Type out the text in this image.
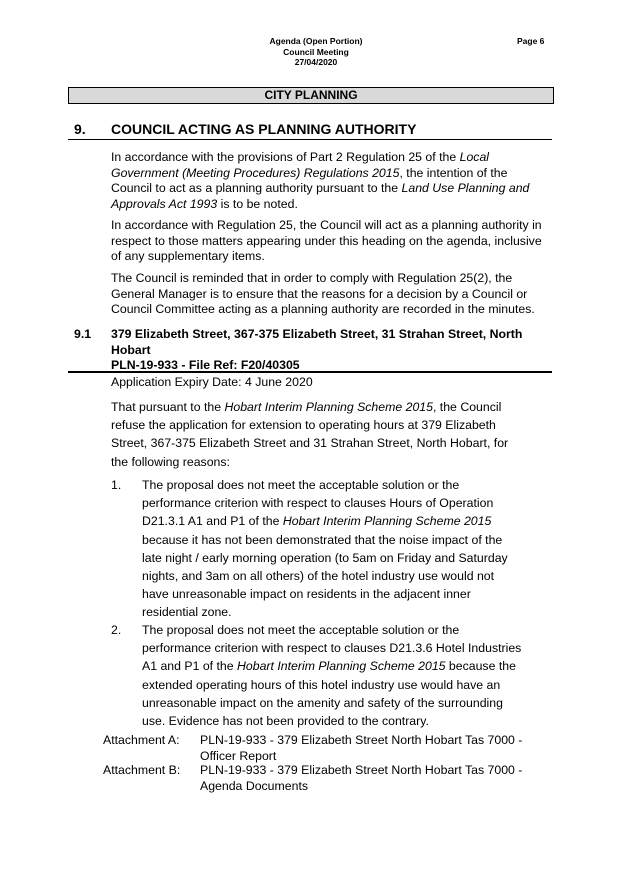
Agenda (Open Portion)
Council Meeting
27/04/2020
Page 6
CITY PLANNING
9. COUNCIL ACTING AS PLANNING AUTHORITY
In accordance with the provisions of Part 2 Regulation 25 of the Local Government (Meeting Procedures) Regulations 2015, the intention of the Council to act as a planning authority pursuant to the Land Use Planning and Approvals Act 1993 is to be noted.
In accordance with Regulation 25, the Council will act as a planning authority in respect to those matters appearing under this heading on the agenda, inclusive of any supplementary items.
The Council is reminded that in order to comply with Regulation 25(2), the General Manager is to ensure that the reasons for a decision by a Council or Council Committee acting as a planning authority are recorded in the minutes.
9.1 379 Elizabeth Street, 367-375 Elizabeth Street, 31 Strahan Street, North Hobart
PLN-19-933 - File Ref: F20/40305
Application Expiry Date: 4 June 2020
That pursuant to the Hobart Interim Planning Scheme 2015, the Council refuse the application for extension to operating hours at 379 Elizabeth Street, 367-375 Elizabeth Street and 31 Strahan Street, North Hobart, for the following reasons:
1. The proposal does not meet the acceptable solution or the performance criterion with respect to clauses Hours of Operation D21.3.1 A1 and P1 of the Hobart Interim Planning Scheme 2015 because it has not been demonstrated that the noise impact of the late night / early morning operation (to 5am on Friday and Saturday nights, and 3am on all others) of the hotel industry use would not have unreasonable impact on residents in the adjacent inner residential zone.
2. The proposal does not meet the acceptable solution or the performance criterion with respect to clauses D21.3.6 Hotel Industries A1 and P1 of the Hobart Interim Planning Scheme 2015 because the extended operating hours of this hotel industry use would have an unreasonable impact on the amenity and safety of the surrounding use. Evidence has not been provided to the contrary.
Attachment A: PLN-19-933 - 379 Elizabeth Street North Hobart Tas 7000 - Officer Report
Attachment B: PLN-19-933 - 379 Elizabeth Street North Hobart Tas 7000 - Agenda Documents
